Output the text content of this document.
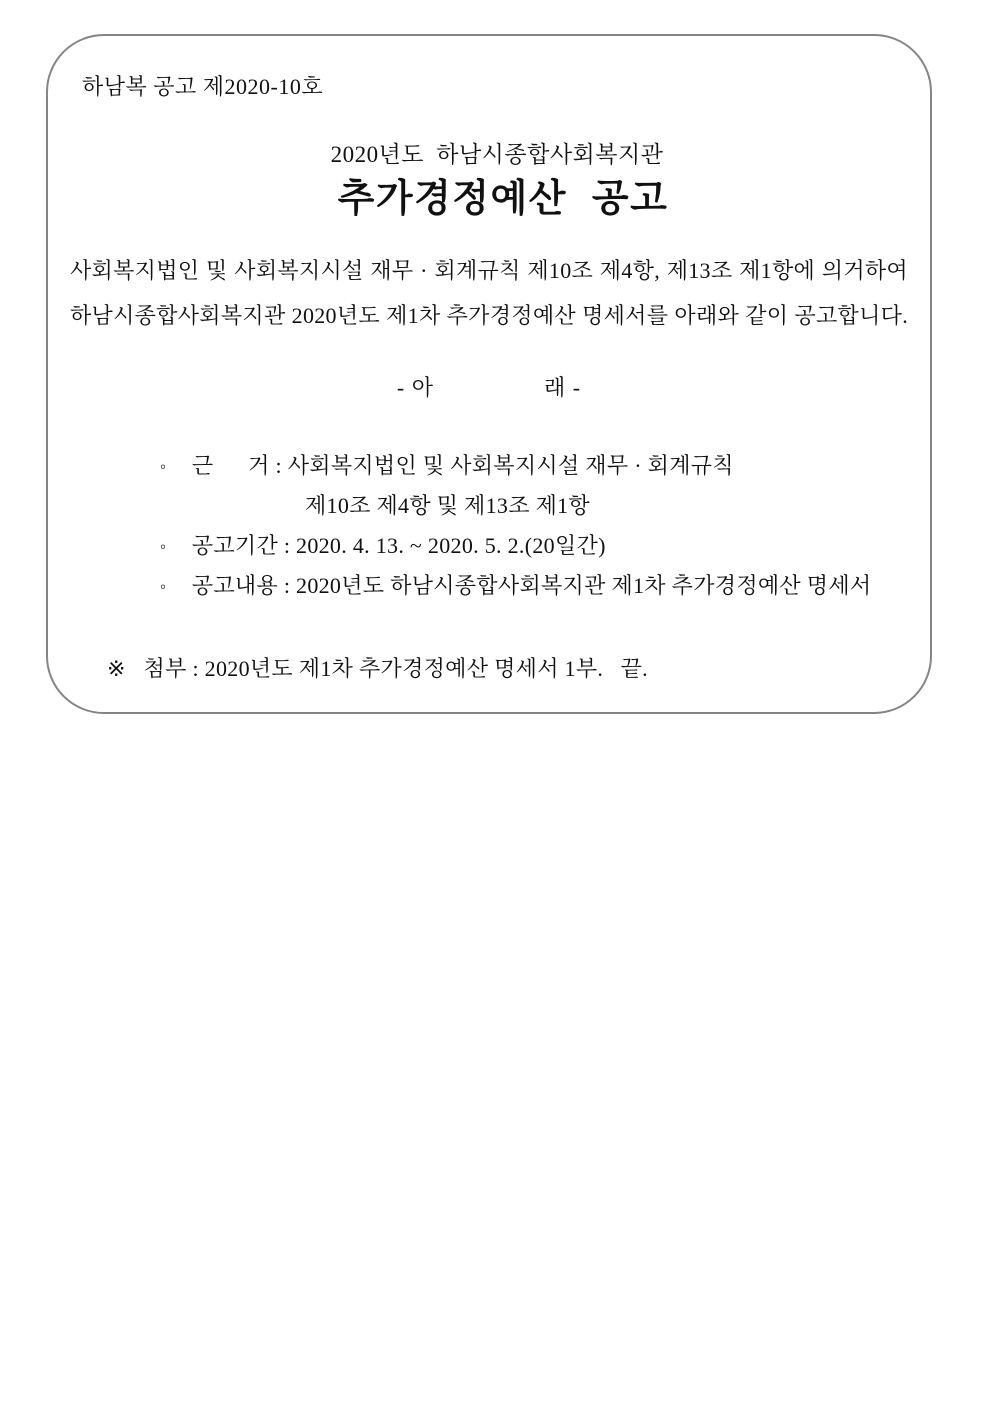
하남복 공고 제2020-10호
2020년도 하남시종합사회복지관
추가경정예산 공고
사회복지법인 및 사회복지시설 재무 · 회계규칙 제10조 제4항, 제13조 제1항에 의거하여
하남시종합사회복지관 2020년도 제1차 추가경정예산 명세서를 아래와 같이 공고합니다.
- 아	래 -
◦ 근      거 : 사회복지법인 및 사회복지시설 재무 · 회계규칙
제10조 제4항 및 제13조 제1항
◦ 공고기간 : 2020. 4. 13. ~ 2020. 5. 2.(20일간)
◦ 공고내용 : 2020년도 하남시종합사회복지관 제1차 추가경정예산 명세서
※ 첨부 : 2020년도 제1차 추가경정예산 명세서 1부.   끝.
